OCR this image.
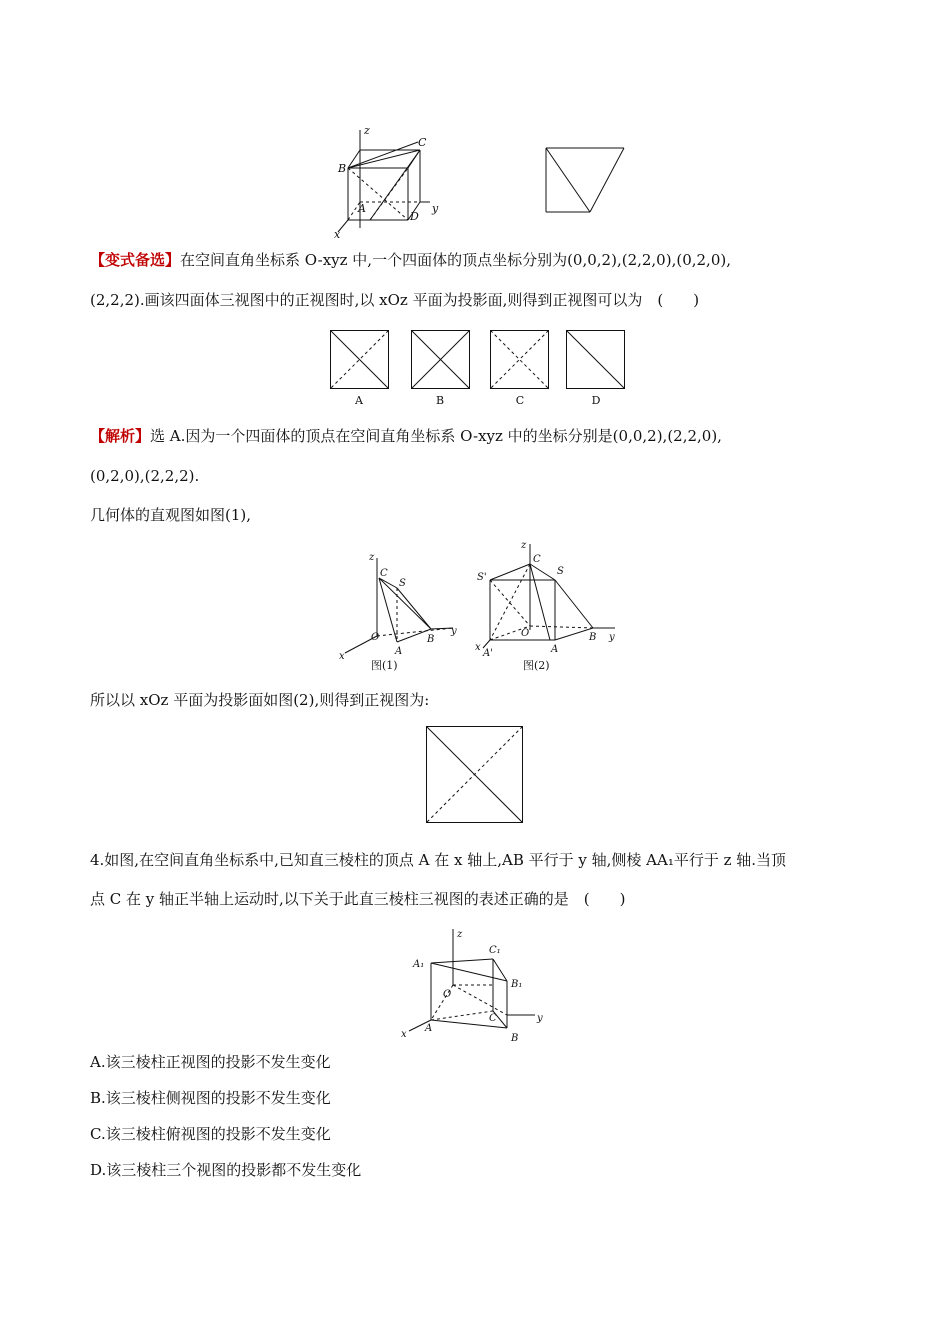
z
y
x
B
C
A
D
【变式备选】在空间直角坐标系 O-xyz 中,一个四面体的顶点坐标分别为(0,0,2),(2,2,0),(0,2,0),
(2,2,2).画该四面体三视图中的正视图时,以 xOz 平面为投影面,则得到正视图可以为　(　　)
A	B	C	D
【解析】选 A.因为一个四面体的顶点在空间直角坐标系 O-xyz 中的坐标分别是(0,0,2),(2,2,0),
(0,2,0),(2,2,2).
几何体的直观图如图(1),
z
C
S
O
A
B
y
x
图(1)
z
C
S
S'
O
A
A'
B y
x
图(2)
所以以 xOz 平面为投影面如图(2),则得到正视图为:
4.如图,在空间直角坐标系中,已知直三棱柱的顶点 A 在 x 轴上,AB 平行于 y 轴,侧棱 AA₁平行于 z 轴.当顶
点 C 在 y 轴正半轴上运动时,以下关于此直三棱柱三视图的表述正确的是　(　　)
z
A₁
C₁
B₁
O
C
A
B
x
y
A.该三棱柱正视图的投影不发生变化
B.该三棱柱侧视图的投影不发生变化
C.该三棱柱俯视图的投影不发生变化
D.该三棱柱三个视图的投影都不发生变化
